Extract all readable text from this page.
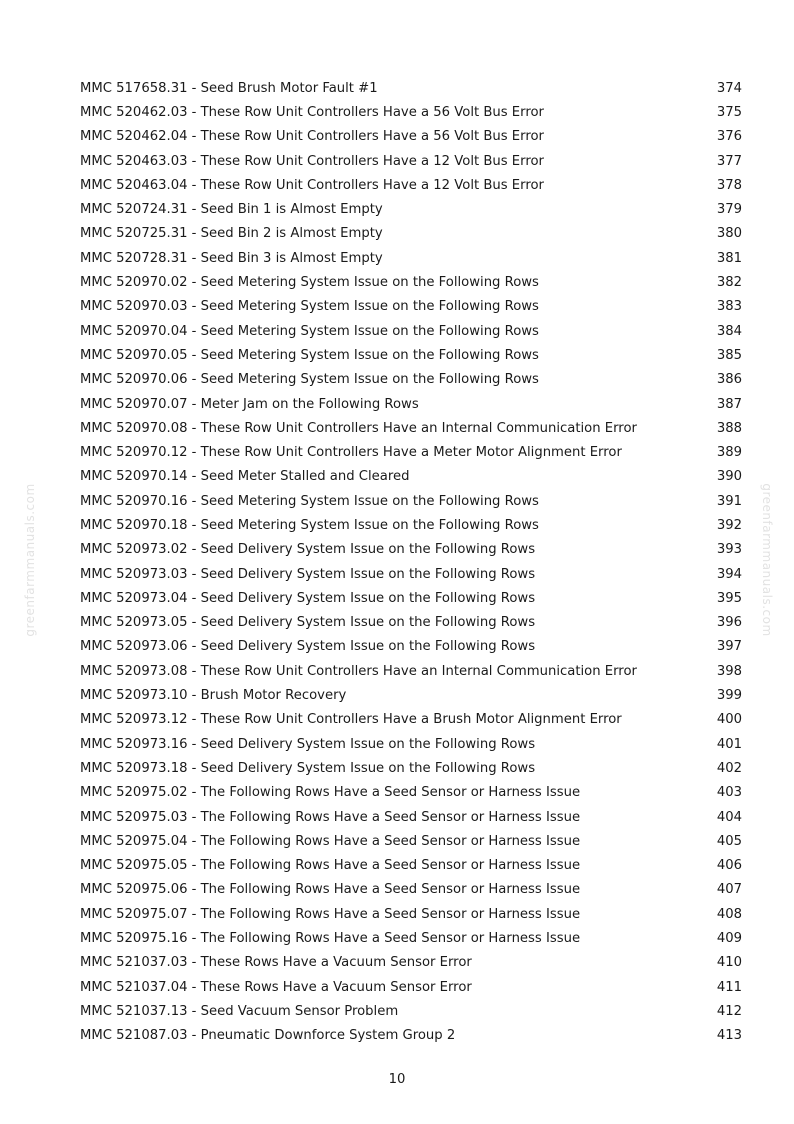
greenfarmmanuals.com	greenfarmmanuals.com
MMC 517658.31 - Seed Brush Motor Fault #1	374
MMC 520462.03 - These Row Unit Controllers Have a 56 Volt Bus Error	375
MMC 520462.04 - These Row Unit Controllers Have a 56 Volt Bus Error	376
MMC 520463.03 - These Row Unit Controllers Have a 12 Volt Bus Error	377
MMC 520463.04 - These Row Unit Controllers Have a 12 Volt Bus Error	378
MMC 520724.31 - Seed Bin 1 is Almost Empty	379
MMC 520725.31 - Seed Bin 2 is Almost Empty	380
MMC 520728.31 - Seed Bin 3 is Almost Empty	381
MMC 520970.02 - Seed Metering System Issue on the Following Rows	382
MMC 520970.03 - Seed Metering System Issue on the Following Rows	383
MMC 520970.04 - Seed Metering System Issue on the Following Rows	384
MMC 520970.05 - Seed Metering System Issue on the Following Rows	385
MMC 520970.06 - Seed Metering System Issue on the Following Rows	386
MMC 520970.07 - Meter Jam on the Following Rows	387
MMC 520970.08 - These Row Unit Controllers Have an Internal Communication Error	388
MMC 520970.12 - These Row Unit Controllers Have a Meter Motor Alignment Error	389
MMC 520970.14 - Seed Meter Stalled and Cleared	390
MMC 520970.16 - Seed Metering System Issue on the Following Rows	391
MMC 520970.18 - Seed Metering System Issue on the Following Rows	392
MMC 520973.02 - Seed Delivery System Issue on the Following Rows	393
MMC 520973.03 - Seed Delivery System Issue on the Following Rows	394
MMC 520973.04 - Seed Delivery System Issue on the Following Rows	395
MMC 520973.05 - Seed Delivery System Issue on the Following Rows	396
MMC 520973.06 - Seed Delivery System Issue on the Following Rows	397
MMC 520973.08 - These Row Unit Controllers Have an Internal Communication Error	398
MMC 520973.10 - Brush Motor Recovery	399
MMC 520973.12 - These Row Unit Controllers Have a Brush Motor Alignment Error	400
MMC 520973.16 - Seed Delivery System Issue on the Following Rows	401
MMC 520973.18 - Seed Delivery System Issue on the Following Rows	402
MMC 520975.02 - The Following Rows Have a Seed Sensor or Harness Issue	403
MMC 520975.03 - The Following Rows Have a Seed Sensor or Harness Issue	404
MMC 520975.04 - The Following Rows Have a Seed Sensor or Harness Issue	405
MMC 520975.05 - The Following Rows Have a Seed Sensor or Harness Issue	406
MMC 520975.06 - The Following Rows Have a Seed Sensor or Harness Issue	407
MMC 520975.07 - The Following Rows Have a Seed Sensor or Harness Issue	408
MMC 520975.16 - The Following Rows Have a Seed Sensor or Harness Issue	409
MMC 521037.03 - These Rows Have a Vacuum Sensor Error	410
MMC 521037.04 - These Rows Have a Vacuum Sensor Error	411
MMC 521037.13 - Seed Vacuum Sensor Problem	412
MMC 521087.03 - Pneumatic Downforce System Group 2	413
10
